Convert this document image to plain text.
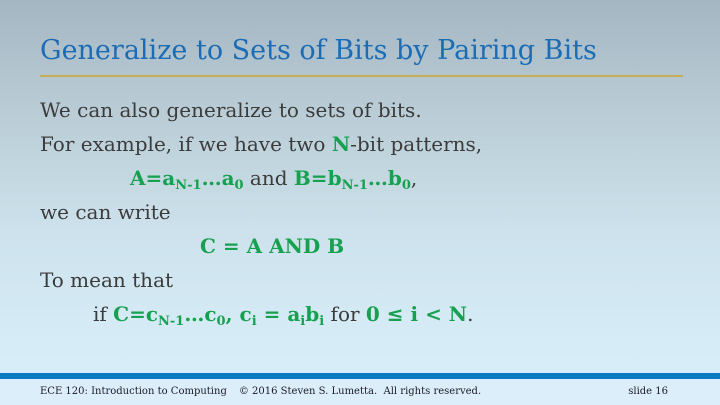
Generalize to Sets of Bits by Pairing Bits
We can also generalize to sets of bits.
For example, if we have two N-bit patterns,
$A=a_{N-1}\dots a_0$ and $B=b_{N-1}\dots b_0$,
we can write
C = A AND B
To mean that
if $C=c_{N-1}\dots c_0$, $c_i = a_ib_i$ for 0 ≤ i < N.
ECE 120: Introduction to Computing	© 2016 Steven S. Lumetta.  All rights reserved.	slide 16
